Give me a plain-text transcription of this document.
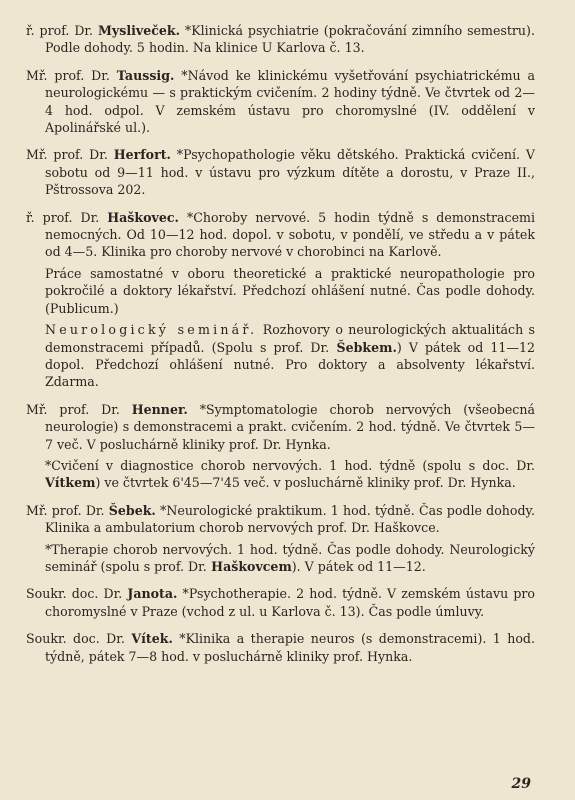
ř. prof. Dr. Mysliveček. *Klinická psychiatrie (pokračování zimního semestru). Podle dohody. 5 hodin. Na klinice U Karlova č. 13.

Mř. prof. Dr. Taussig. *Návod ke klinickému vyšetřování psychiatrickému a neurologickému — s praktickým cvičením. 2 hodiny týdně. Ve čtvrtek od 2—4 hod. odpol. V zemském ústavu pro choromyslné (IV. oddělení v Apolinářské ul.).

Mř. prof. Dr. Herfort. *Psychopathologie věku dětského. Praktická cvičení. V sobotu od 9—11 hod. v ústavu pro výzkum dítěte a dorostu, v Praze II., Pštrossova 202.

ř. prof. Dr. Haškovec. *Choroby nervové. 5 hodin týdně s demonstracemi nemocných. Od 10—12 hod. dopol. v sobotu, v pondělí, ve středu a v pátek od 4—5. Klinika pro choroby nervové v chorobinci na Karlově.

Práce samostatné v oboru theoretické a praktické neuropathologie pro pokročilé a doktory lékařství. Předchozí ohlášení nutné. Čas podle dohody. (Publicum.)

Neurologický seminář. Rozhovory o neurologických aktualitách s demonstracemi případů. (Spolu s prof. Dr. Šebkem.) V pátek od 11—12 dopol. Předchozí ohlášení nutné. Pro doktory a absolventy lékařství. Zdarma.

Mř. prof. Dr. Henner. *Symptomatologie chorob nervových (všeobecná neurologie) s demonstracemi a prakt. cvičením. 2 hod. týdně. Ve čtvrtek 5—7 več. V posluchárně kliniky prof. Dr. Hynka.

*Cvičení v diagnostice chorob nervových. 1 hod. týdně (spolu s doc. Dr. Vítkem) ve čtvrtek 6'45—7'45 več. v posluchárně kliniky prof. Dr. Hynka.

Mř. prof. Dr. Šebek. *Neurologické praktikum. 1 hod. týdně. Čas podle dohody. Klinika a ambulatorium chorob nervových prof. Dr. Haškovce.

*Therapie chorob nervových. 1 hod. týdně. Čas podle dohody. Neurologický seminář (spolu s prof. Dr. Haškovcem). V pátek od 11—12.

Soukr. doc. Dr. Janota. *Psychotherapie. 2 hod. týdně. V zemském ústavu pro choromyslné v Praze (vchod z ul. u Karlova č. 13). Čas podle úmluvy.

Soukr. doc. Dr. Vítek. *Klinika a therapie neuros (s demonstracemi). 1 hod. týdně, pátek 7—8 hod. v posluchárně kliniky prof. Hynka.

29
